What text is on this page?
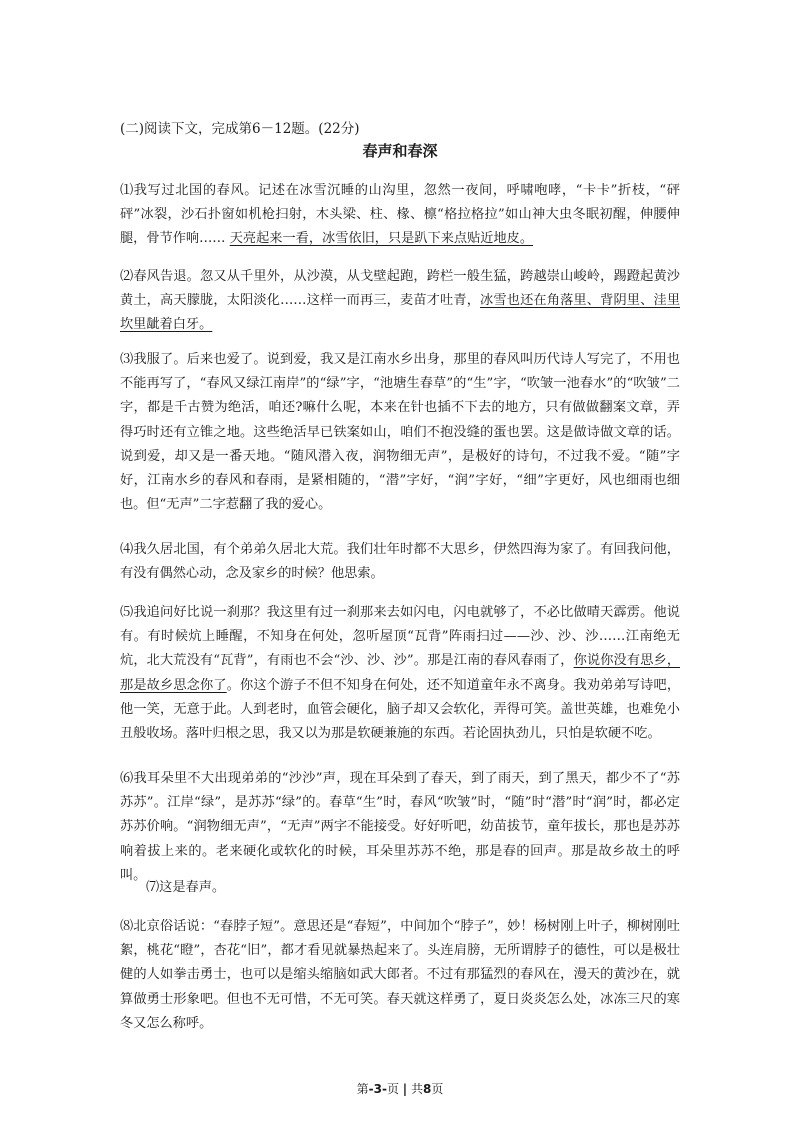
(二)阅读下文，完成第6－12题。(22分)
春声和春深
⑴我写过北国的春风。记述在冰雪沉睡的山沟里，忽然一夜间，呼啸咆哮，“卡卡”折枝，“砰砰”冰裂，沙石扑窗如机枪扫射，木头梁、柱、椽、檩“格拉格拉”如山神大虫冬眠初醒，伸腰伸腿，骨节作响…… 天亮起来一看，冰雪依旧，只是趴下来点贴近地皮。
⑵春风告退。忽又从千里外，从沙漠，从戈壁起跑，跨栏一般生猛，跨越崇山峻岭，踢蹬起黄沙黄土，高天朦胧，太阳淡化……这样一而再三，麦苗才吐青，冰雪也还在角落里、背阴里、洼里坎里龇着白牙。
⑶我服了。后来也爱了。说到爱，我又是江南水乡出身，那里的春风叫历代诗人写完了，不用也不能再写了，“春风又绿江南岸”的“绿”字，“池塘生春草”的“生”字，“吹皱一池春水”的“吹皱”二字，都是千古赞为绝活，咱还?嘛什么呢，本来在针也插不下去的地方，只有做做翻案文章，弄得巧时还有立锥之地。这些绝活早已铁案如山，咱们不抱没缝的蛋也罢。这是做诗做文章的话。说到爱，却又是一番天地。“随风潜入夜，润物细无声”，是极好的诗句，不过我不爱。“随”字好，江南水乡的春风和春雨，是紧相随的，“潜”字好，“润”字好，“细”字更好，风也细雨也细也。但“无声”二字惹翻了我的爱心。
⑷我久居北国，有个弟弟久居北大荒。我们壮年时都不大思乡，伊然四海为家了。有回我问他，有没有偶然心动，念及家乡的时候？他思索。
⑸我追问好比说一刹那？我这里有过一刹那来去如闪电，闪电就够了，不必比做晴天霹雳。他说有。有时候炕上睡醒，不知身在何处，忽听屋顶“瓦背”阵雨扫过——沙、沙、沙……江南绝无炕，北大荒没有“瓦背”，有雨也不会“沙、沙、沙”。那是江南的春风春雨了，你说你没有思乡，那是故乡思念你了。你这个游子不但不知身在何处，还不知道童年永不离身。我劝弟弟写诗吧，他一笑，无意于此。人到老时，血管会硬化，脑子却又会软化，弄得可笑。盖世英雄，也难免小丑般收场。落叶归根之思，我又以为那是软硬兼施的东西。若论固执劲儿，只怕是软硬不吃。
⑹我耳朵里不大出现弟弟的“沙沙”声，现在耳朵到了春天，到了雨天，到了黑天，都少不了“苏苏苏”。江岸“绿”，是苏苏“绿”的。春草“生”时，春风“吹皱”时，“随”时“潜”时“润”时，都必定苏苏价响。“润物细无声”，“无声”两字不能接受。好好听吧，幼苗拔节，童年拔长，那也是苏苏响着拔上来的。老来硬化或软化的时候，耳朵里苏苏不绝，那是春的回声。那是故乡故土的呼叫。
⑺这是春声。
⑻北京俗话说：“春脖子短”。意思还是“春短”，中间加个“脖子”，妙！杨树刚上叶子，柳树刚吐絮，桃花“瞪”，杏花“旧”，都才看见就暴热起来了。头连肩膀，无所谓脖子的德性，可以是极壮健的人如拳击勇士，也可以是缩头缩脑如武大郎者。不过有那猛烈的春风在，漫天的黄沙在，就算做勇士形象吧。但也不无可惜，不无可笑。春天就这样勇了，夏日炎炎怎么处，冰冻三尺的寒冬又怎么称呼。
第-3-页 | 共8页
